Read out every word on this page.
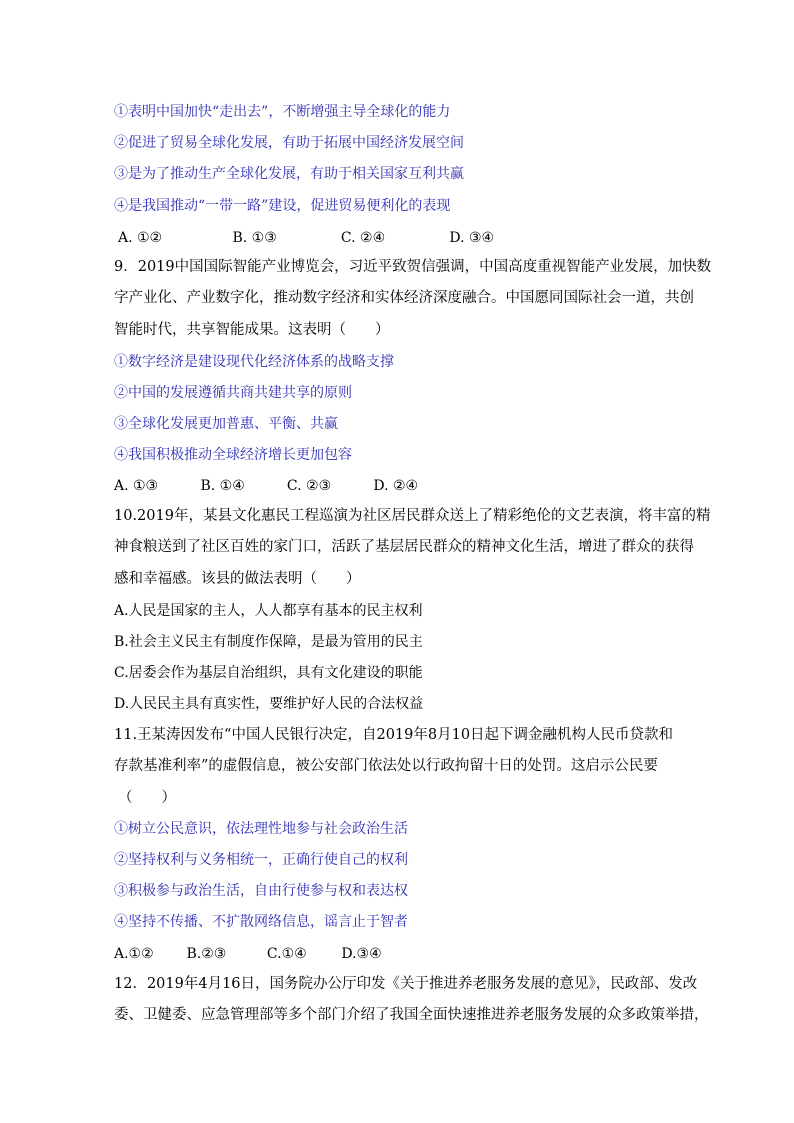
①表明中国加快“走出去”，不断增强主导全球化的能力
②促进了贸易全球化发展，有助于拓展中国经济发展空间
③是为了推动生产全球化发展，有助于相关国家互利共赢
④是我国推动“一带一路”建设，促进贸易便利化的表现
A. ①②	B. ①③	C. ②④	D. ③④
9．2019中国国际智能产业博览会，习近平致贺信强调，中国高度重视智能产业发展，加快数
字产业化、产业数字化，推动数字经济和实体经济深度融合。中国愿同国际社会一道，共创
智能时代，共享智能成果。这表明（　　）
①数字经济是建设现代化经济体系的战略支撑
②中国的发展遵循共商共建共享的原则
③全球化发展更加普惠、平衡、共赢
④我国积极推动全球经济增长更加包容
A. ①③	B. ①④	C. ②③	D. ②④
10.2019年，某县文化惠民工程巡演为社区居民群众送上了精彩绝伦的文艺表演，将丰富的精
神食粮送到了社区百姓的家门口，活跃了基层居民群众的精神文化生活，增进了群众的获得
感和幸福感。该县的做法表明（　　）
A.人民是国家的主人，人人都享有基本的民主权利
B.社会主义民主有制度作保障，是最为管用的民主
C.居委会作为基层自治组织，具有文化建设的职能
D.人民民主具有真实性，要维护好人民的合法权益
11.王某涛因发布“中国人民银行决定，自2019年8月10日起下调金融机构人民币贷款和
存款基准利率”的虚假信息，被公安部门依法处以行政拘留十日的处罚。这启示公民要
（　　）
①树立公民意识，依法理性地参与社会政治生活
②坚持权利与义务相统一，正确行使自己的权利
③积极参与政治生活，自由行使参与权和表达权
④坚持不传播、不扩散网络信息，谣言止于智者
A.①② B.②③	C.①④ D.③④
12．2019年4月16日，国务院办公厅印发《关于推进养老服务发展的意见》，民政部、发改
委、卫健委、应急管理部等多个部门介绍了我国全面快速推进养老服务发展的众多政策举措，
